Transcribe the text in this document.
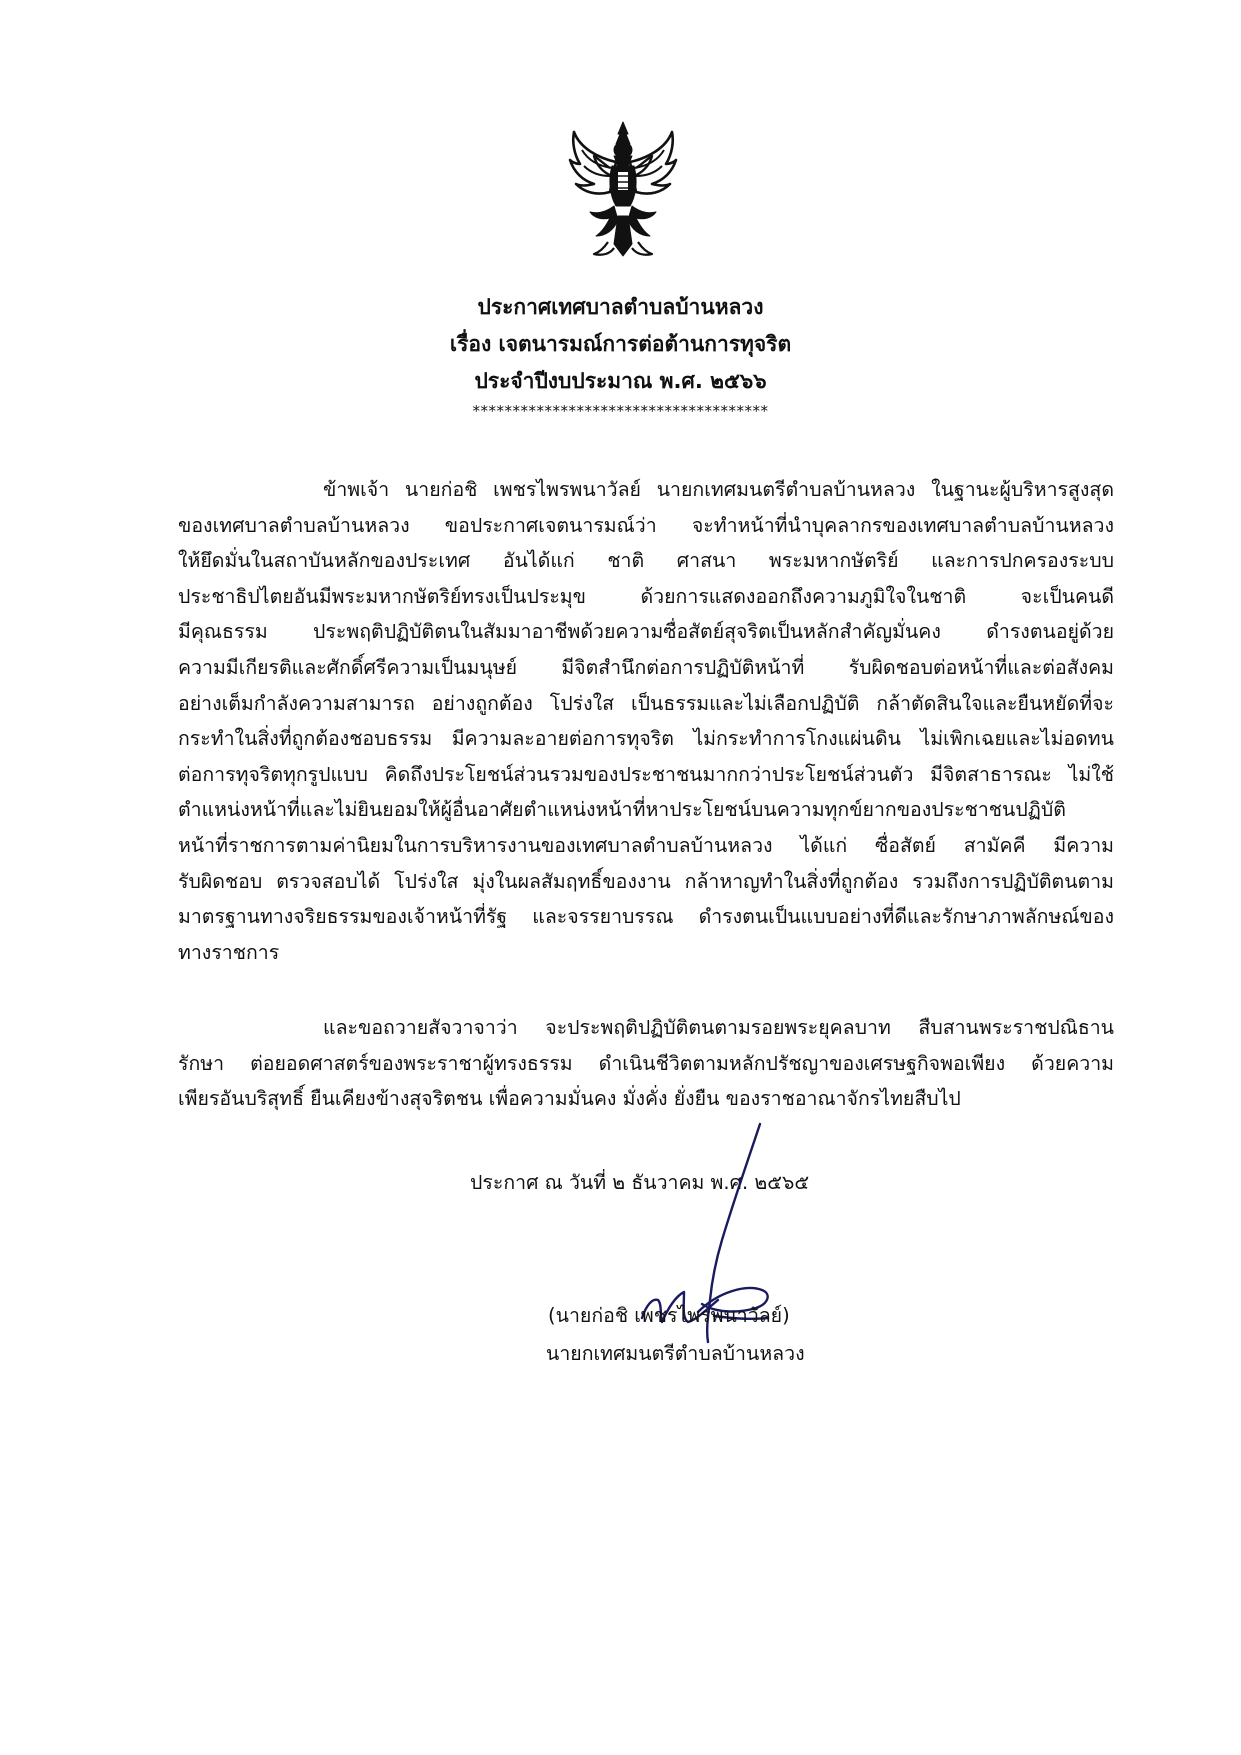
ประกาศเทศบาลตำบลบ้านหลวง
เรื่อง เจตนารมณ์การต่อต้านการทุจริต
ประจำปีงบประมาณ พ.ศ. ๒๕๖๖
*************************************
ข้าพเจ้า นายก่อชิ เพชรไพรพนาวัลย์ นายกเทศมนตรีตำบลบ้านหลวง ในฐานะผู้บริหารสูงสุด
ของเทศบาลตำบลบ้านหลวง ขอประกาศเจตนารมณ์ว่า จะทำหน้าที่นำบุคลากรของเทศบาลตำบลบ้านหลวง
ให้ยึดมั่นในสถาบันหลักของประเทศ อันได้แก่ ชาติ ศาสนา พระมหากษัตริย์ และการปกครองระบบ
ประชาธิปไตยอันมีพระมหากษัตริย์ทรงเป็นประมุข ด้วยการแสดงออกถึงความภูมิใจในชาติ จะเป็นคนดี
มีคุณธรรม ประพฤติปฏิบัติตนในสัมมาอาชีพด้วยความซื่อสัตย์สุจริตเป็นหลักสำคัญมั่นคง ดำรงตนอยู่ด้วย
ความมีเกียรติและศักดิ์ศรีความเป็นมนุษย์ มีจิตสำนึกต่อการปฏิบัติหน้าที่ รับผิดชอบต่อหน้าที่และต่อสังคม
อย่างเต็มกำลังความสามารถ อย่างถูกต้อง โปร่งใส เป็นธรรมและไม่เลือกปฏิบัติ กล้าตัดสินใจและยืนหยัดที่จะ
กระทำในสิ่งที่ถูกต้องชอบธรรม มีความละอายต่อการทุจริต ไม่กระทำการโกงแผ่นดิน ไม่เพิกเฉยและไม่อดทน
ต่อการทุจริตทุกรูปแบบ คิดถึงประโยชน์ส่วนรวมของประชาชนมากกว่าประโยชน์ส่วนตัว มีจิตสาธารณะ ไม่ใช้
ตำแหน่งหน้าที่และไม่ยินยอมให้ผู้อื่นอาศัยตำแหน่งหน้าที่หาประโยชน์บนความทุกข์ยากของประชาชนปฏิบัติ
หน้าที่ราชการตามค่านิยมในการบริหารงานของเทศบาลตำบลบ้านหลวง ได้แก่ ซื่อสัตย์ สามัคคี มีความ
รับผิดชอบ ตรวจสอบได้ โปร่งใส มุ่งในผลสัมฤทธิ์ของงาน กล้าหาญทำในสิ่งที่ถูกต้อง รวมถึงการปฏิบัติตนตาม
มาตรฐานทางจริยธรรมของเจ้าหน้าที่รัฐ และจรรยาบรรณ ดำรงตนเป็นแบบอย่างที่ดีและรักษาภาพลักษณ์ของ
ทางราชการ
และขอถวายสัจวาจาว่า จะประพฤติปฏิบัติตนตามรอยพระยุคลบาท สืบสานพระราชปณิธาน
รักษา ต่อยอดศาสตร์ของพระราชาผู้ทรงธรรม ดำเนินชีวิตตามหลักปรัชญาของเศรษฐกิจพอเพียง ด้วยความ
เพียรอันบริสุทธิ์ ยืนเคียงข้างสุจริตชน เพื่อความมั่นคง มั่งคั่ง ยั่งยืน ของราชอาณาจักรไทยสืบไป
ประกาศ ณ วันที่ ๒ ธันวาคม พ.ศ. ๒๕๖๕
(นายก่อชิ เพชรไพรพนาวัลย์)
นายกเทศมนตรีตำบลบ้านหลวง
